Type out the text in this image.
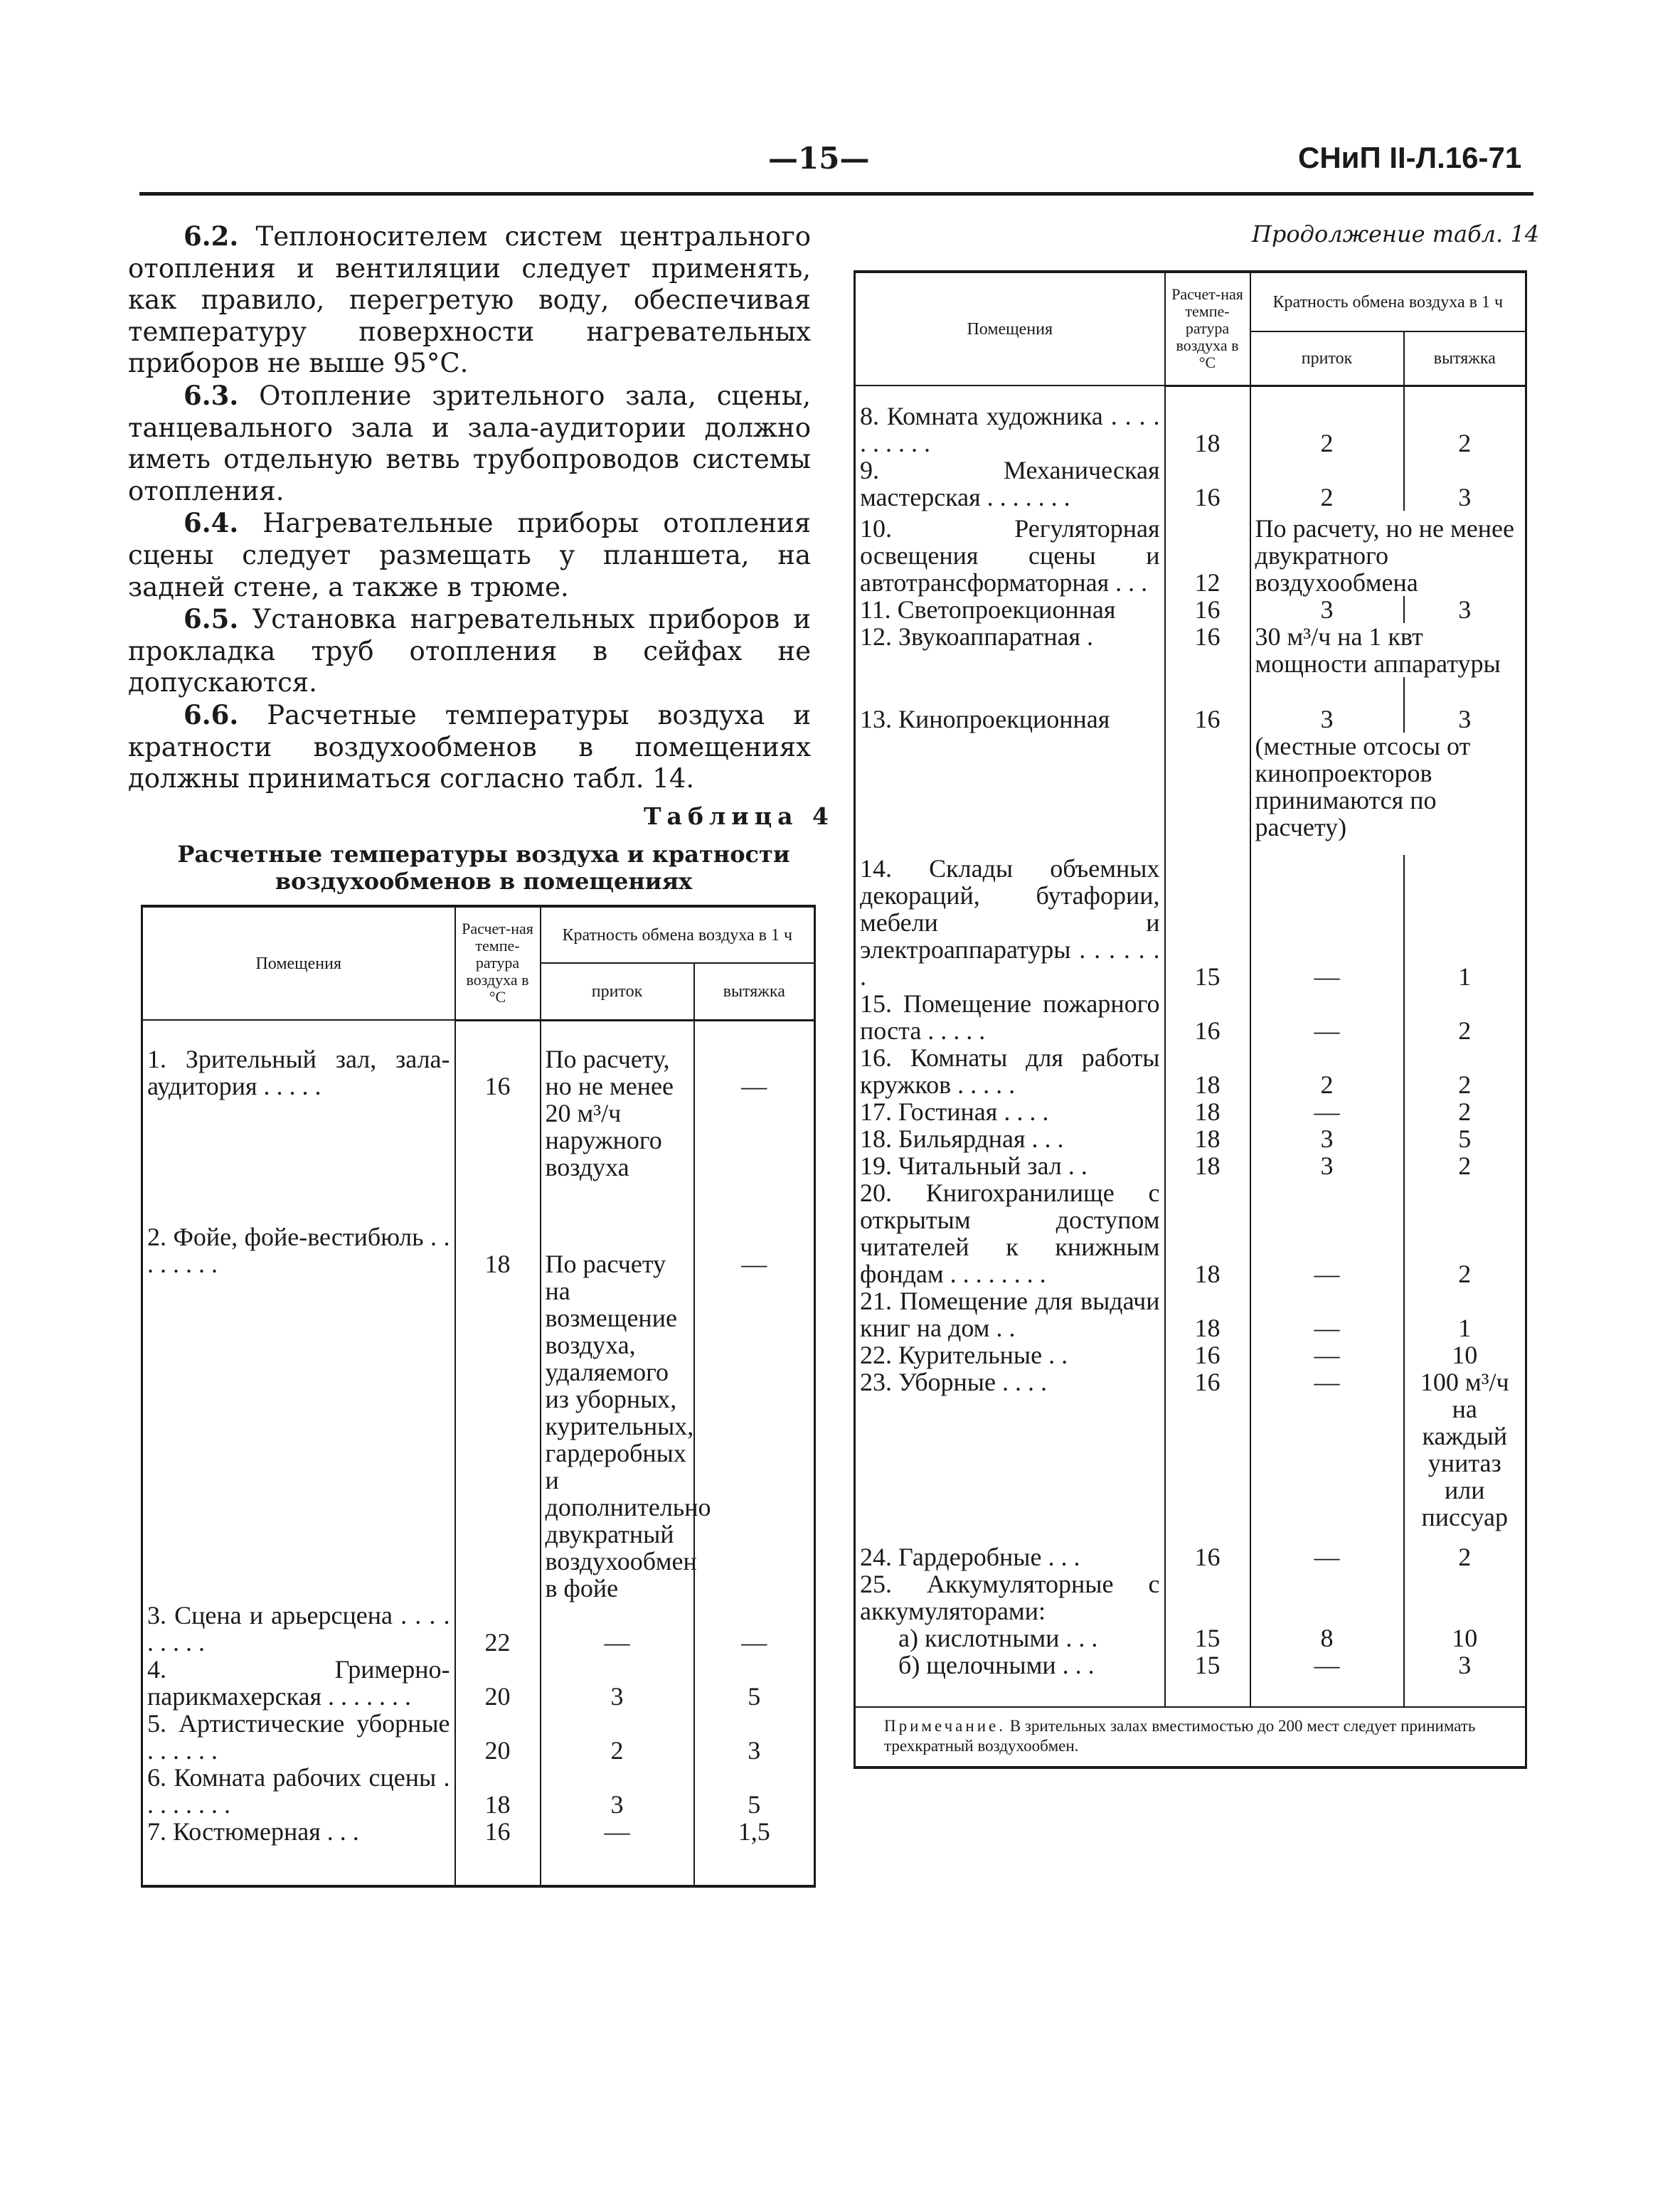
—15—	СНиП II-Л.16-71

6.2. Теплоносителем систем центрального отопления и вентиляции следует применять, как правило, перегретую воду, обеспечивая температуру поверхности нагревательных приборов не выше 95°С.

6.3. Отопление зрительного зала, сцены, танцевального зала и зала-аудитории должно иметь отдельную ветвь трубопроводов системы отопления.

6.4. Нагревательные приборы отопления сцены следует размещать у планшета, на задней стене, а также в трюме.

6.5. Установка нагревательных приборов и прокладка труб отопления в сейфах не допускаются.

6.6. Расчетные температуры воздуха и кратности воздухообменов в помещениях должны приниматься согласно табл. 14.

Таблица 4
Расчетные температуры воздуха и кратности воздухообменов в помещениях
Помещения	Расчет-ная темпе-ратура воздуха в °С	Кратность обмена воздуха в 1 ч	
		приток	вытяжка

1. Зрительный зал, зала-аудитория . . . . .	16	По расчету, но не менее 20 м³/ч наружного воздуха	—

2. Фойе, фойе-вестибюль . . . . . . . .	18	По расчету на возмещение воздуха, удаляемого из уборных, курительных, гардеробных и дополнительно двукратный воздухообмен в фойе	—
3. Сцена и арьерсцена . . . . . . . . .	22	—	—
4. Гримерно-парикмахерская . . . . . . .	20	3	5
5. Артистические уборные . . . . . .	20	2	3
6. Комната рабочих сцены . . . . . . . .	18	3	5
7. Костюмерная . . .	16	—	1,5

Продолжение табл. 14
Помещения	Расчет-ная темпе-ратура воздуха в °С	Кратность обмена воздуха в 1 ч	
		приток	вытяжка

8. Комната художника . . . . . . . . . .	18	2	2
9. Механическая мастерская . . . . . . .	16	2	3
10. Регуляторная освещения сцены и автотрансформаторная . . .	12	По расчету, но не менее двукратного воздухообмена	
11. Светопроекционная	16	3	3
12. Звукоаппаратная .	16	30 м³/ч на 1 квт мощности аппаратуры	

13. Кинопроекционная	16	3	3
		(местные отсосы от кинопроекторов принимаются по расчету)	
14. Склады объемных декораций, бутафории, мебели и электроаппаратуры . . . . . . .	15	—	1
15. Помещение пожарного поста . . . . .	16	—	2
16. Комнаты для работы кружков . . . . .	18	2	2
17. Гостиная . . . .	18	—	2
18. Бильярдная . . .	18	3	5
19. Читальный зал . .	18	3	2
20. Книгохранилище с открытым доступом читателей к книжным фондам . . . . . . . .	18	—	2
21. Помещение для выдачи книг на дом . .	18	—	1
22. Курительные . .	16	—	10
23. Уборные . . . .	16	—	100 м³/ч на каждый унитаз или писсуар
24. Гардеробные . . .	16	—	2
25. Аккумуляторные с аккумуляторами:			
а) кислотными . . .	15	8	10
б) щелочными . . .	15	—	3

Примечание. В зрительных залах вместимостью до 200 мест следует принимать трехкратный воздухообмен.			
